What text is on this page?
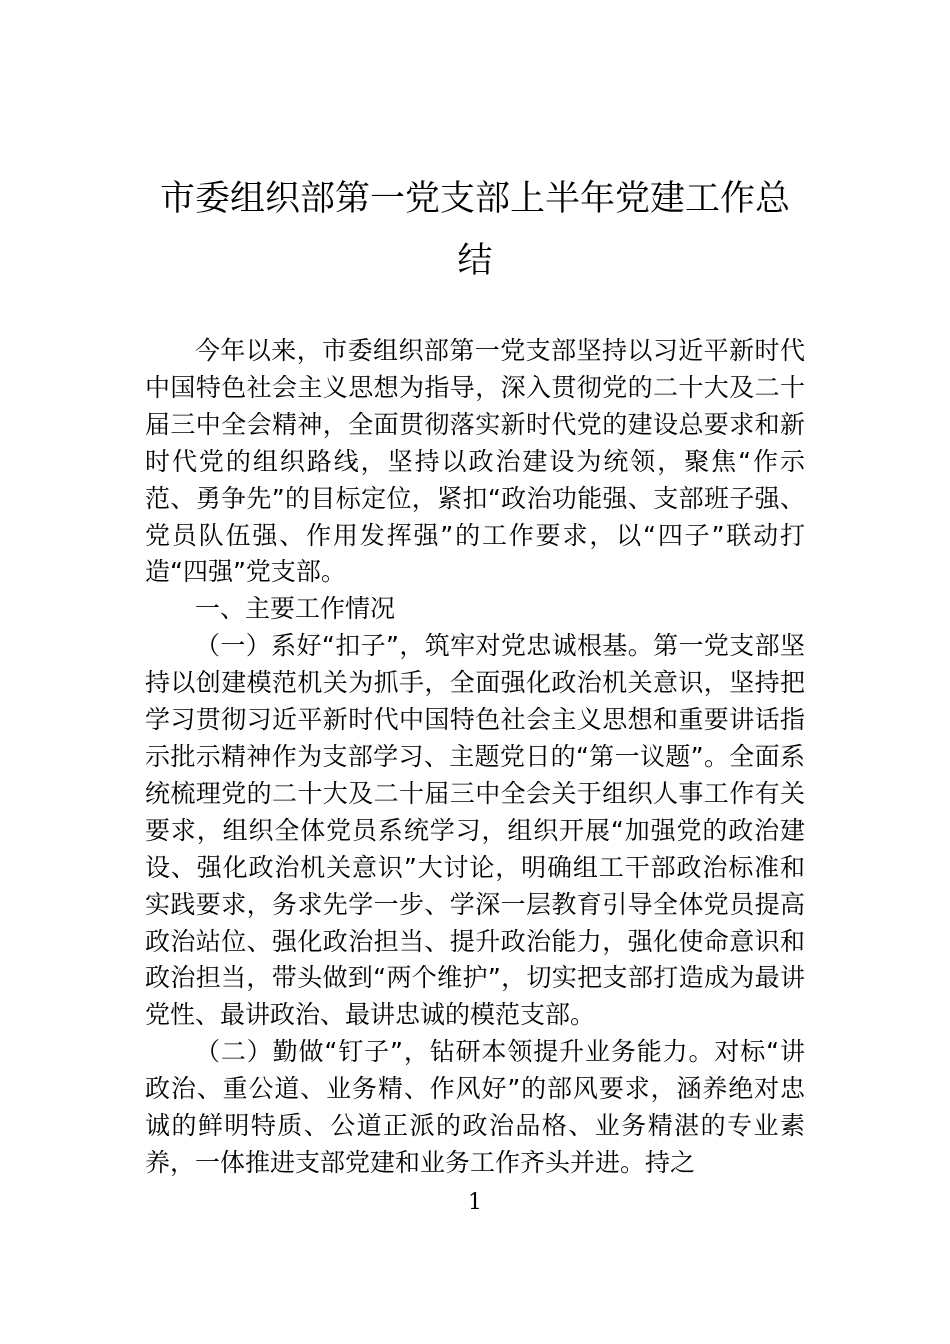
市委组织部第一党支部上半年党建工作总结

今年以来，市委组织部第一党支部坚持以习近平新时代中国特色社会主义思想为指导，深入贯彻党的二十大及二十届三中全会精神，全面贯彻落实新时代党的建设总要求和新时代党的组织路线，坚持以政治建设为统领，聚焦“作示范、勇争先”的目标定位，紧扣“政治功能强、支部班子强、党员队伍强、作用发挥强”的工作要求，以“四子”联动打造“四强”党支部。

一、主要工作情况

（一）系好“扣子”，筑牢对党忠诚根基。第一党支部坚持以创建模范机关为抓手，全面强化政治机关意识，坚持把学习贯彻习近平新时代中国特色社会主义思想和重要讲话指示批示精神作为支部学习、主题党日的“第一议题”。全面系统梳理党的二十大及二十届三中全会关于组织人事工作有关要求，组织全体党员系统学习，组织开展“加强党的政治建设、强化政治机关意识”大讨论，明确组工干部政治标准和实践要求，务求先学一步、学深一层教育引导全体党员提高政治站位、强化政治担当、提升政治能力，强化使命意识和政治担当，带头做到“两个维护”，切实把支部打造成为最讲党性、最讲政治、最讲忠诚的模范支部。

（二）勤做“钉子”，钻研本领提升业务能力。对标“讲政治、重公道、业务精、作风好”的部风要求，涵养绝对忠诚的鲜明特质、公道正派的政治品格、业务精湛的专业素养，一体推进支部党建和业务工作齐头并进。持之

1
